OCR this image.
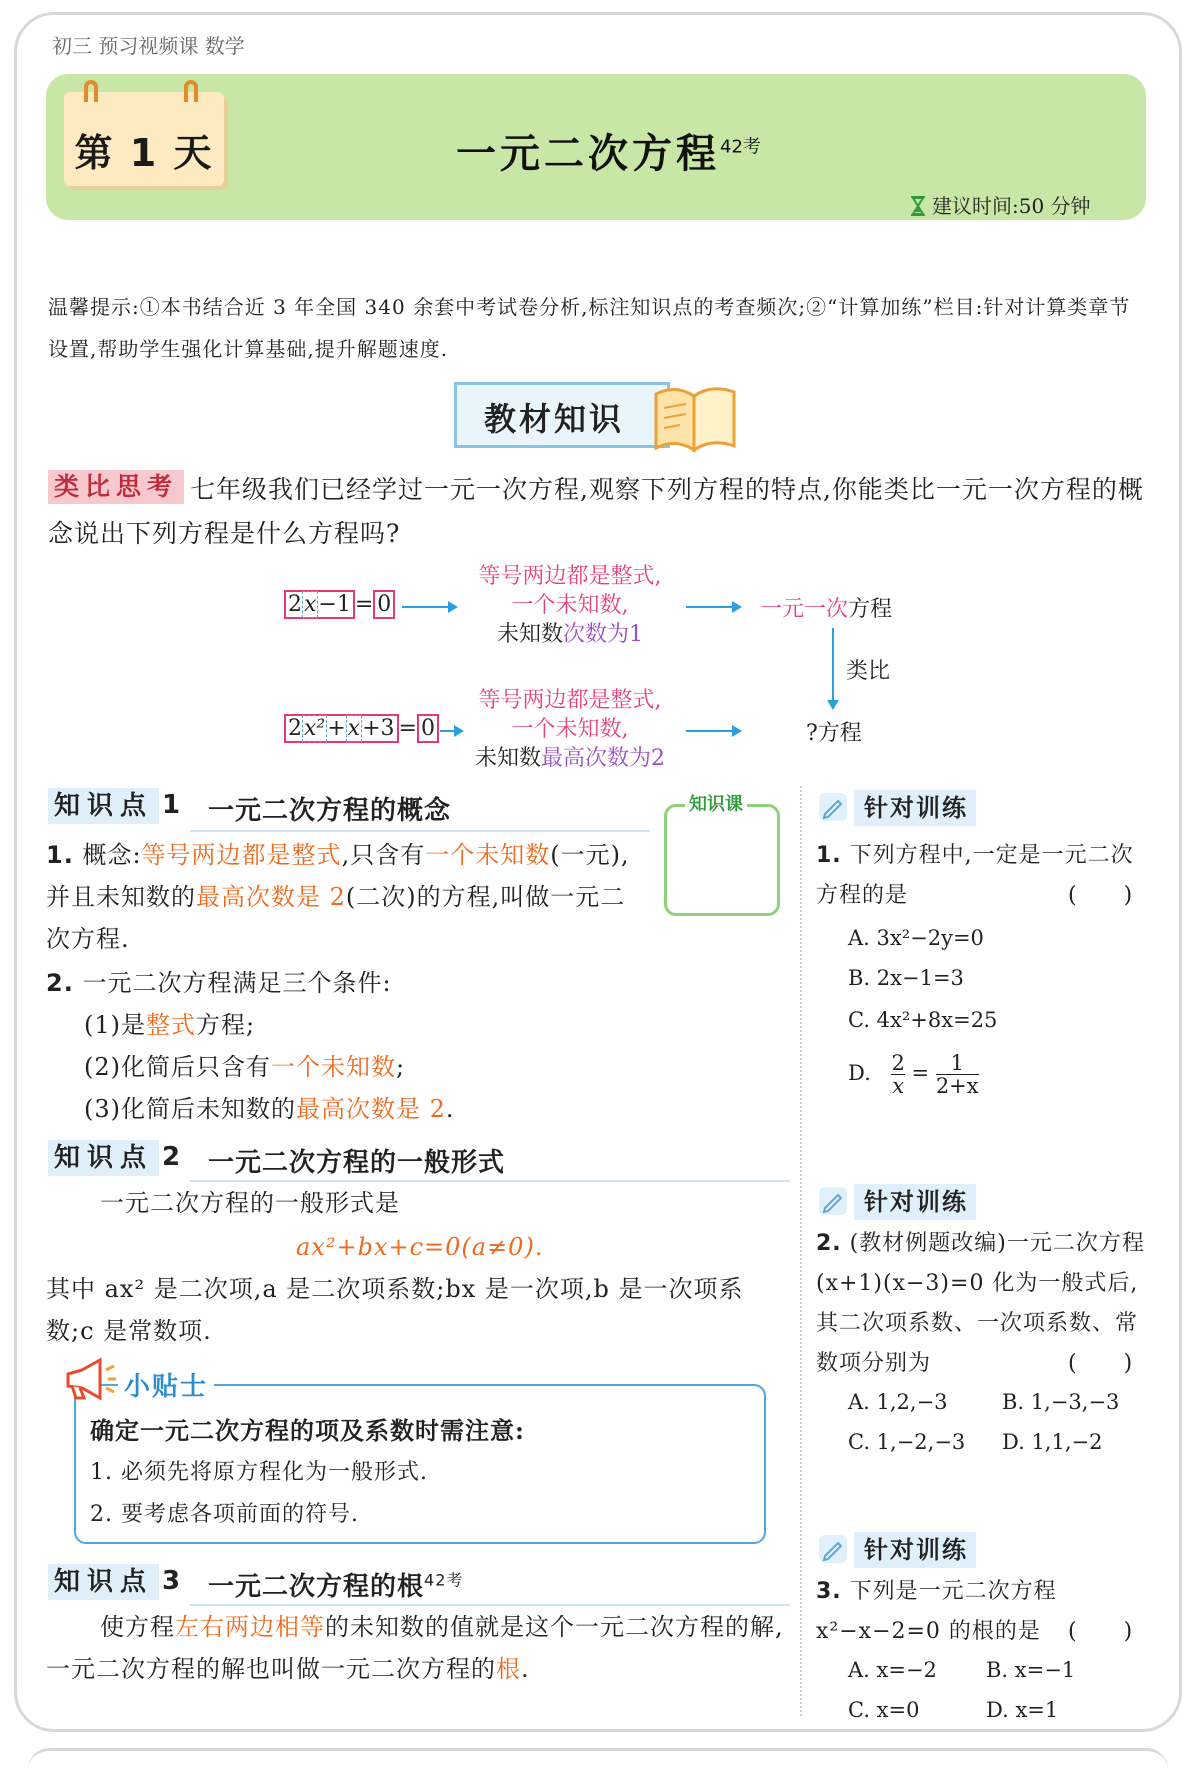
初三 预习视频课 数学
第 1 天	一元二次方程$^{42考}$
建议时间:50 分钟
温馨提示:①本书结合近 3 年全国 340 余套中考试卷分析,标注知识点的考查频次;②“计算加练”栏目:针对计算类章节设置,帮助学生强化计算基础,提升解题速度.
教材知识
七年级我们已经学过一元一次方程,观察下列方程的特点,你能类比一元一次方程的概念说出下列方程是什么方程吗?
类比思考
2x−1 = 0
等号两边都是整式,
一个未知数,
未知数次数为1
一元一次方程
类比
2x²+x+3 = 0
等号两边都是整式,
一个未知数,
未知数最高次数为2
?方程
知识点 1 一元二次方程的概念	知识课
1. 概念:等号两边都是整式,只含有一个未知数(一元),并且未知数的最高次数是 2(二次)的方程,叫做一元二次方程.
2. 一元二次方程满足三个条件:
(1)是整式方程;
(2)化简后只含有一个未知数;
(3)化简后未知数的最高次数是 2.
知识点 2 一元二次方程的一般形式
一元二次方程的一般形式是
ax²+bx+c=0(a≠0).
其中 ax² 是二次项,a 是二次项系数;bx 是一次项,b 是一次项系数;c 是常数项.
小贴士
确定一元二次方程的项及系数时需注意:
1. 必须先将原方程化为一般形式.
2. 要考虑各项前面的符号.
知识点 3 一元二次方程的根$^{42考}$
使方程左右两边相等的未知数的值就是这个一元二次方程的解,一元二次方程的解也叫做一元二次方程的根.
针对训练
1. 下列方程中,一定是一元二次方程的是	(　　)
A. 3x²−2y=0
B. 2x−1=3
C. 4x²+8x=25
D. $\frac{2}{x} = \frac{1}{2+x}$
针对训练
2. (教材例题改编)一元二次方程(x+1)(x−3)=0 化为一般式后,其二次项系数、一次项系数、常数项分别为	(　　)
A. 1,2,−3	B. 1,−3,−3
C. 1,−2,−3 D. 1,1,−2
针对训练
3. 下列是一元二次方程 x²−x−2=0 的根的是	(　　)
A. x=−2 B. x=−1
C. x=0	D. x=1
